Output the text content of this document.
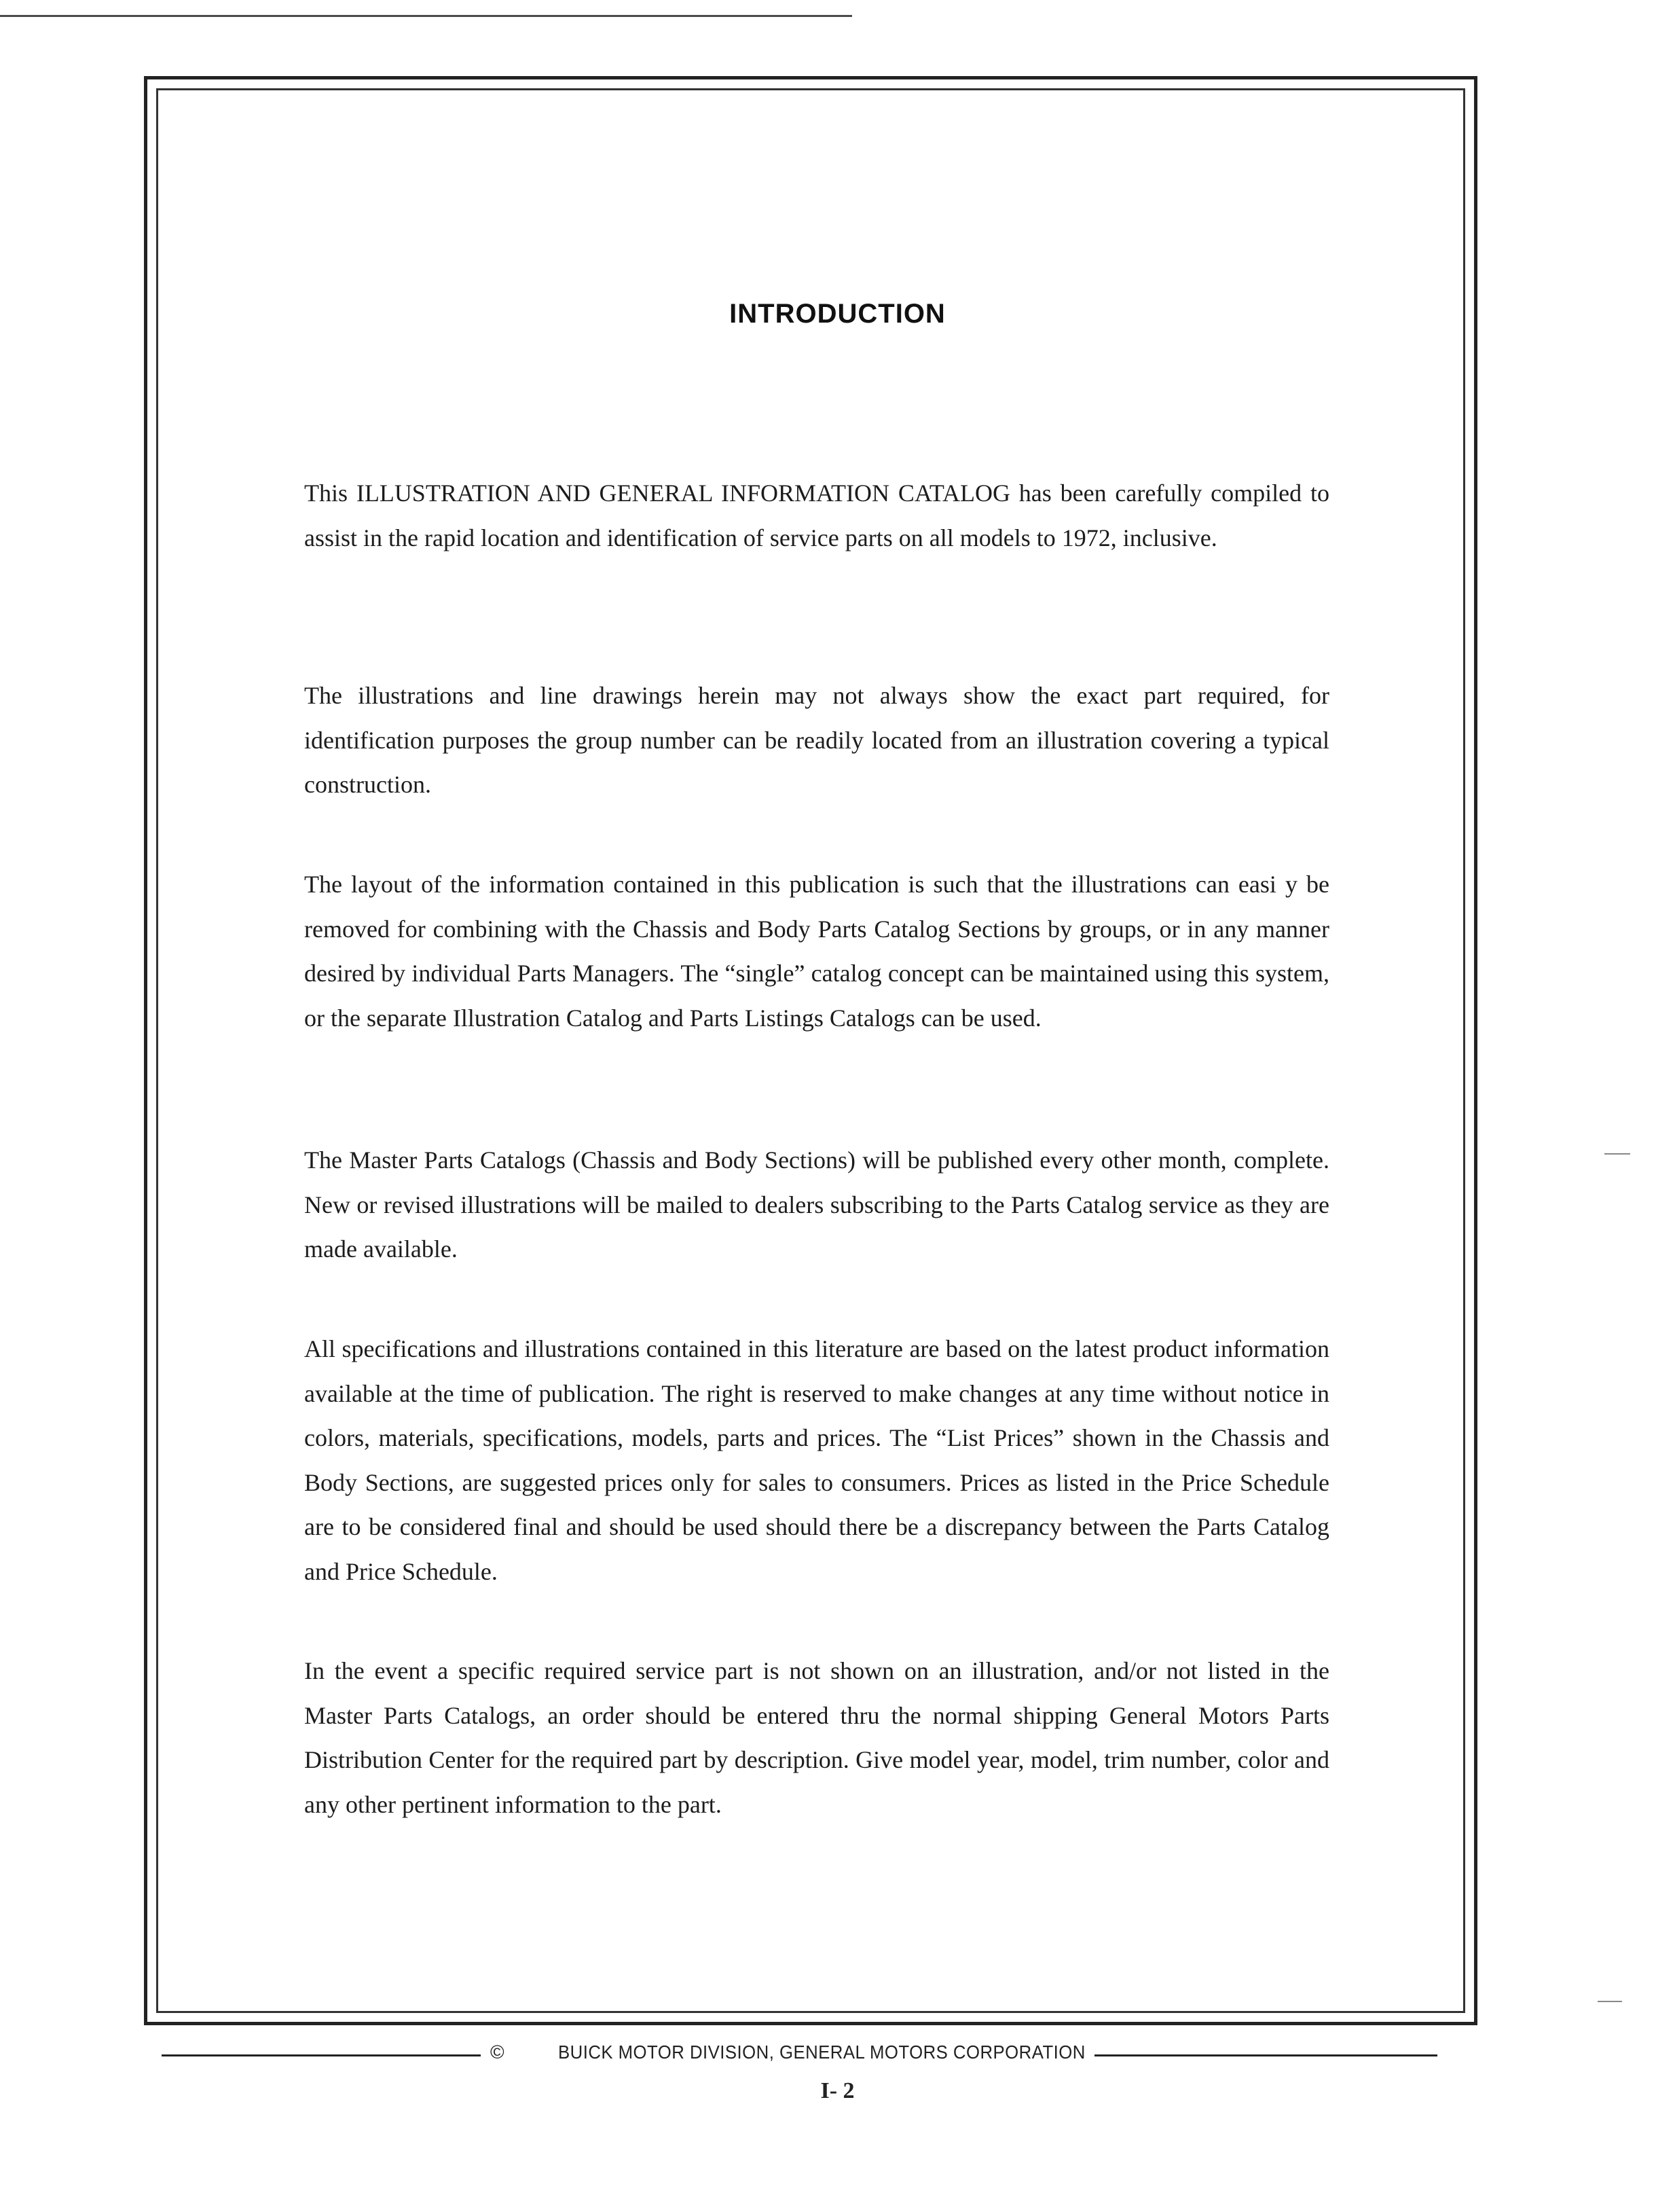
INTRODUCTION

This ILLUSTRATION AND GENERAL INFORMATION CATALOG has been carefully compiled to assist in the rapid location and identification of service parts on all models to 1972, inclusive.

The illustrations and line drawings herein may not always show the exact part required, for identification purposes the group number can be readily located from an illustration covering a typical construction.

The layout of the information contained in this publication is such that the illustrations can easi y be removed for combining with the Chassis and Body Parts Catalog Sections by groups, or in any manner desired by individual Parts Managers. The “single” catalog concept can be maintained using this system, or the separate Illustration Catalog and Parts Listings Catalogs can be used.

The Master Parts Catalogs (Chassis and Body Sections) will be published every other month, complete. New or revised illustrations will be mailed to dealers subscribing to the Parts Catalog service as they are made available.

All specifications and illustrations contained in this literature are based on the latest product information available at the time of publication. The right is reserved to make changes at any time without notice in colors, materials, specifications, models, parts and prices. The “List Prices” shown in the Chassis and Body Sections, are suggested prices only for sales to consumers. Prices as listed in the Price Schedule are to be considered final and should be used should there be a discrepancy between the Parts Catalog and Price Schedule.

In the event a specific required service part is not shown on an illustration, and/or not listed in the Master Parts Catalogs, an order should be entered thru the normal shipping General Motors Parts Distribution Center for the required part by description. Give model year, model, trim number, color and any other pertinent information to the part.

©	BUICK MOTOR DIVISION, GENERAL MOTORS CORPORATION
I- 2
